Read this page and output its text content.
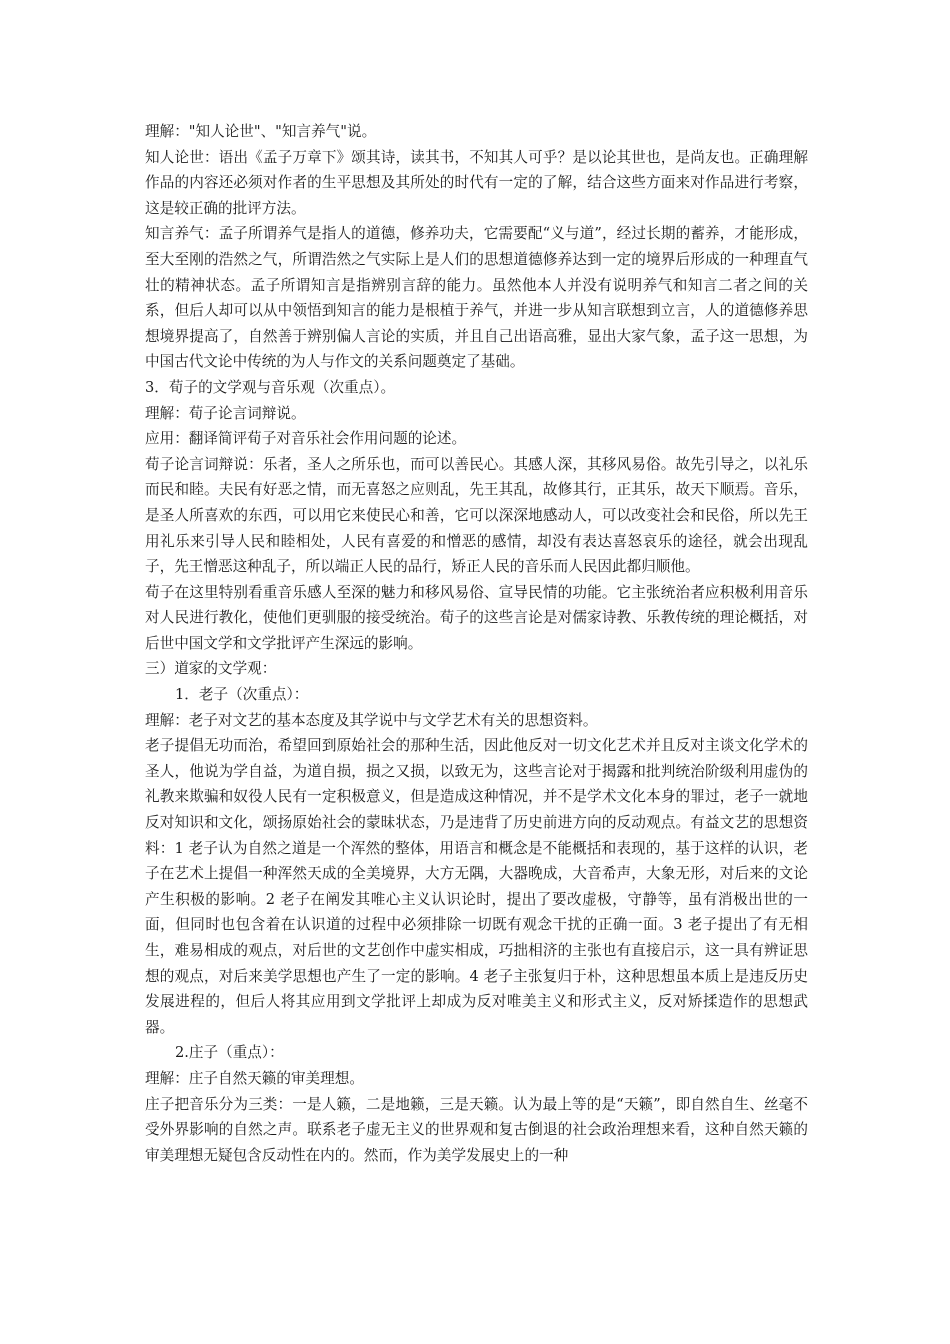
理解："知人论世"、"知言养气"说。

知人论世：语出《孟子万章下》颂其诗，读其书，不知其人可乎？是以论其世也，是尚友也。正确理解作品的内容还必须对作者的生平思想及其所处的时代有一定的了解，结合这些方面来对作品进行考察，这是较正确的批评方法。

知言养气：孟子所谓养气是指人的道德，修养功夫，它需要配“义与道”，经过长期的蓄养，才能形成，至大至刚的浩然之气，所谓浩然之气实际上是人们的思想道德修养达到一定的境界后形成的一种理直气壮的精神状态。孟子所谓知言是指辨别言辞的能力。虽然他本人并没有说明养气和知言二者之间的关系，但后人却可以从中领悟到知言的能力是根植于养气，并进一步从知言联想到立言，人的道德修养思想境界提高了，自然善于辨别偏人言论的实质，并且自己出语高雅，显出大家气象，孟子这一思想，为中国古代文论中传统的为人与作文的关系问题奠定了基础。

3．荀子的文学观与音乐观（次重点）。

理解：荀子论言词辩说。

应用：翻译简评荀子对音乐社会作用问题的论述。

荀子论言词辩说：乐者，圣人之所乐也，而可以善民心。其感人深，其移风易俗。故先引导之，以礼乐而民和睦。夫民有好恶之情，而无喜怒之应则乱，先王其乱，故修其行，正其乐，故天下顺焉。音乐，是圣人所喜欢的东西，可以用它来使民心和善，它可以深深地感动人，可以改变社会和民俗，所以先王用礼乐来引导人民和睦相处，人民有喜爱的和憎恶的感情，却没有表达喜怒哀乐的途径，就会出现乱子，先王憎恶这种乱子，所以端正人民的品行，矫正人民的音乐而人民因此都归顺他。

荀子在这里特别看重音乐感人至深的魅力和移风易俗、宣导民情的功能。它主张统治者应积极利用音乐对人民进行教化，使他们更驯服的接受统治。荀子的这些言论是对儒家诗教、乐教传统的理论概括，对后世中国文学和文学批评产生深远的影响。

三）道家的文学观：

1．老子（次重点）：

理解：老子对文艺的基本态度及其学说中与文学艺术有关的思想资料。

老子提倡无功而治，希望回到原始社会的那种生活，因此他反对一切文化艺术并且反对主谈文化学术的圣人，他说为学自益，为道自损，损之又损，以致无为，这些言论对于揭露和批判统治阶级利用虚伪的礼教来欺骗和奴役人民有一定积极意义，但是造成这种情况，并不是学术文化本身的罪过，老子一就地反对知识和文化，颂扬原始社会的蒙昧状态，乃是违背了历史前进方向的反动观点。有益文艺的思想资料：1 老子认为自然之道是一个浑然的整体，用语言和概念是不能概括和表现的，基于这样的认识，老子在艺术上提倡一种浑然天成的全美境界，大方无隅，大器晚成，大音希声，大象无形，对后来的文论产生积极的影响。2 老子在阐发其唯心主义认识论时，提出了要改虚极，守静等，虽有消极出世的一面，但同时也包含着在认识道的过程中必须排除一切既有观念干扰的正确一面。3 老子提出了有无相生，难易相成的观点，对后世的文艺创作中虚实相成，巧拙相济的主张也有直接启示，这一具有辨证思想的观点，对后来美学思想也产生了一定的影响。4 老子主张复归于朴，这种思想虽本质上是违反历史发展进程的，但后人将其应用到文学批评上却成为反对唯美主义和形式主义，反对矫揉造作的思想武器。

2.庄子（重点）：

理解：庄子自然天籁的审美理想。

庄子把音乐分为三类：一是人籁，二是地籁，三是天籁。认为最上等的是“天籁”，即自然自生、丝毫不受外界影响的自然之声。联系老子虚无主义的世界观和复古倒退的社会政治理想来看，这种自然天籁的审美理想无疑包含反动性在内的。然而，作为美学发展史上的一种
